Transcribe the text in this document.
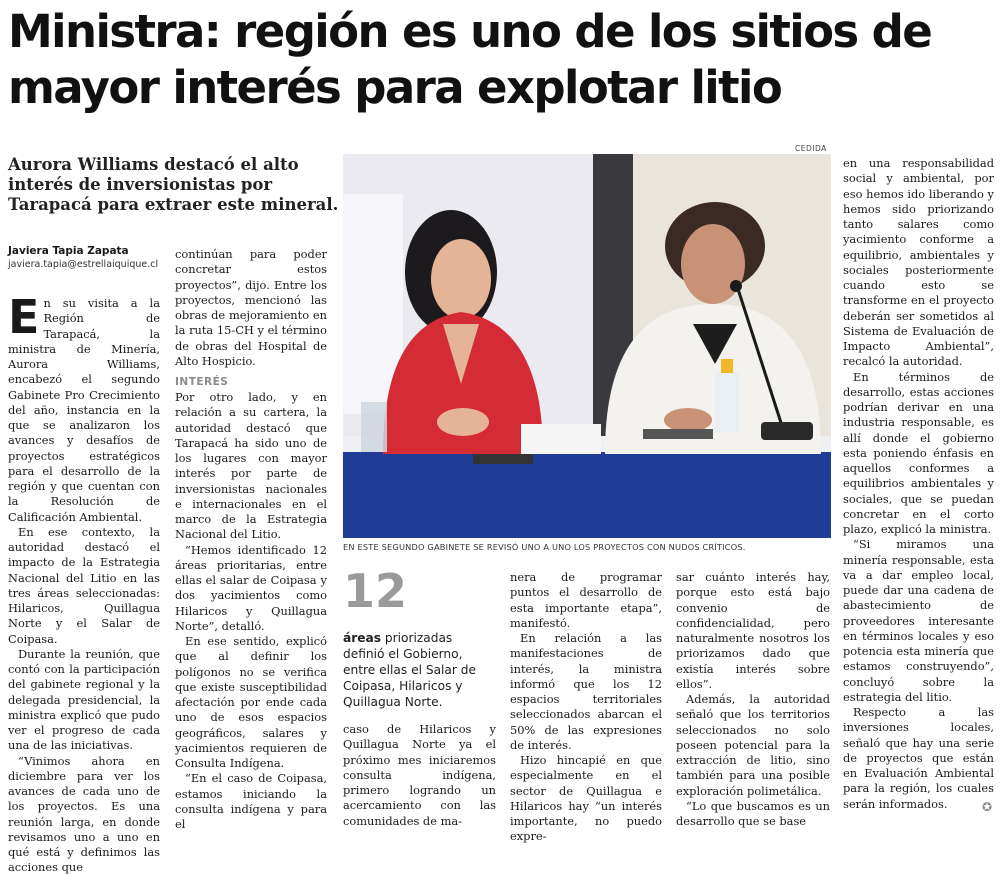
Ministra: región es uno de los sitios de
mayor interés para explotar litio
Aurora Williams destacó el alto
interés de inversionistas por
Tarapacá para extraer este mineral.
Javiera Tapia Zapata
javiera.tapia@estrellaiquique.cl

En su visita a la Región de Tarapacá, la ministra de Minería, Aurora Williams, encabezó el segundo Gabinete Pro Crecimiento del año, instancia en la que se analizaron los avances y desafíos de proyectos estratégicos para el desarrollo de la región y que cuentan con la Resolución de Calificación Ambiental.

En ese contexto, la autoridad destacó el impacto de la Estrategia Nacional del Litio en las tres áreas seleccionadas: Hilaricos, Quillagua Norte y el Salar de Coipasa.

Durante la reunión, que contó con la participación del gabinete regional y la delegada presidencial, la ministra explicó que pudo ver el progreso de cada una de las iniciativas.

“Vinimos ahora en diciembre para ver los avances de cada uno de los proyectos. Es una reunión larga, en donde revisamos uno a uno en qué está y definimos las acciones que

continúan para poder concretar estos proyectos”, dijo. Entre los proyectos, mencionó las obras de mejoramiento en la ruta 15-CH y el término de obras del Hospital de Alto Hospicio.

INTERÉS

Por otro lado, y en relación a su cartera, la autoridad destacó que Tarapacá ha sido uno de los lugares con mayor interés por parte de inversionistas nacionales e internacionales en el marco de la Estrategia Nacional del Litio.

“Hemos identificado 12 áreas prioritarias, entre ellas el salar de Coipasa y dos yacimientos como Hilaricos y Quillagua Norte”, detalló.

En ese sentido, explicó que al definir los polígonos no se verifica que existe susceptibilidad afectación por ende cada uno de esos espacios geográficos, salares y yacimientos requieren de Consulta Indígena.

“En el caso de Coipasa, estamos iniciando la consulta indígena y para el

CEDIDA
EN ESTE SEGUNDO GABINETE SE REVISÓ UNO A UNO LOS PROYECTOS CON NUDOS CRÍTICOS.
12
áreas priorizadas definió el Gobierno, entre ellas el Salar de Coipasa, Hilaricos y Quillagua Norte.

caso de Hilaricos y Quillagua Norte ya el próximo mes iniciaremos consulta indígena, primero logrando un acercamiento con las comunidades de ma-

nera de programar puntos el desarrollo de esta importante etapa”, manifestó.

En relación a las manifestaciones de interés, la ministra informó que los 12 espacios territoriales seleccionados abarcan el 50% de las expresiones de interés.

Hizo hincapié en que especialmente en el sector de Quillagua e Hilaricos hay “un interés importante, no puedo expre-

sar cuánto interés hay, porque esto está bajo convenio de confidencialidad, pero naturalmente nosotros los priorizamos dado que existía interés sobre ellos”.

Además, la autoridad señaló que los territorios seleccionados no solo poseen potencial para la extracción de litio, sino también para una posible exploración polimetálica.

“Lo que buscamos es un desarrollo que se base

en una responsabilidad social y ambiental, por eso hemos ido liberando y hemos sido priorizando tanto salares como yacimiento conforme a equilibrio, ambientales y sociales posteriormente cuando esto se transforme en el proyecto deberán ser sometidos al Sistema de Evaluación de Impacto Ambiental”, recalcó la autoridad.

En términos de desarrollo, estas acciones podrían derivar en una industria responsable, es allí donde el gobierno esta poniendo énfasis en aquellos conformes a equilibrios ambientales y sociales, que se puedan concretar en el corto plazo, explicó la ministra.

“Si miramos una minería responsable, esta va a dar empleo local, puede dar una cadena de abastecimiento de proveedores interesante en términos locales y eso potencia esta minería que estamos construyendo”, concluyó sobre la estrategia del litio.

Respecto a las inversiones locales, señaló que hay una serie de proyectos que están en Evaluación Ambiental para la región, los cuales serán informados.	✪
